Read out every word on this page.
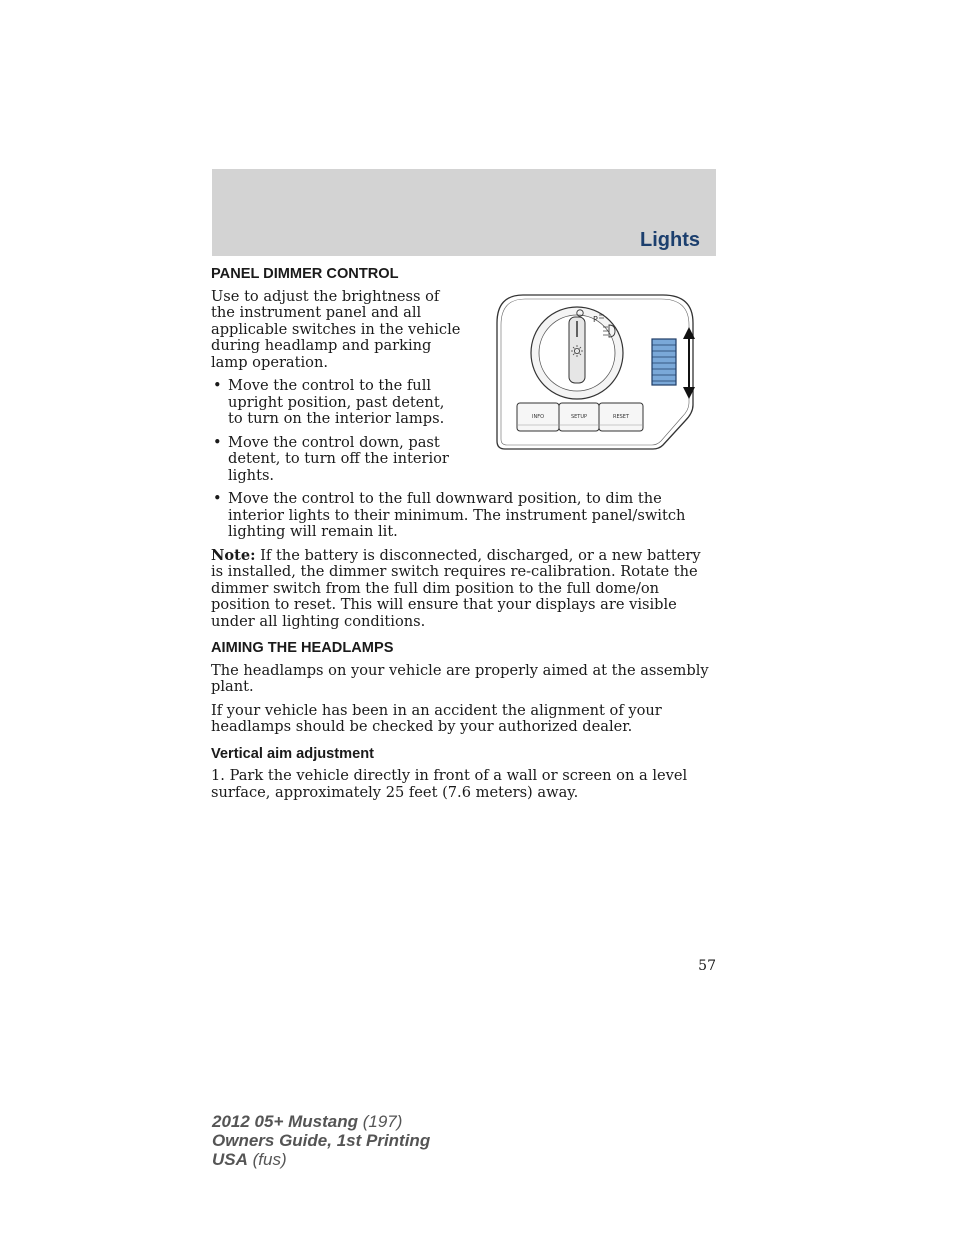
Lights
PANEL DIMMER CONTROL

Use to adjust the brightness of the instrument panel and all applicable switches in the vehicle during headlamp and parking lamp operation.

• Move the control to the full upright position, past detent, to turn on the interior lamps.
• Move the control down, past detent, to turn off the interior lights.
P
INFO	SETUP	RESET
• Move the control to the full downward position, to dim the interior lights to their minimum. The instrument panel/switch lighting will remain lit.

Note: If the battery is disconnected, discharged, or a new battery is installed, the dimmer switch requires re-calibration. Rotate the dimmer switch from the full dim position to the full dome/on position to reset. This will ensure that your displays are visible under all lighting conditions.

AIMING THE HEADLAMPS

The headlamps on your vehicle are properly aimed at the assembly plant.

If your vehicle has been in an accident the alignment of your headlamps should be checked by your authorized dealer.

Vertical aim adjustment

1. Park the vehicle directly in front of a wall or screen on a level surface, approximately 25 feet (7.6 meters) away.

57
2012 05+ Mustang (197)
Owners Guide, 1st Printing
USA (fus)
